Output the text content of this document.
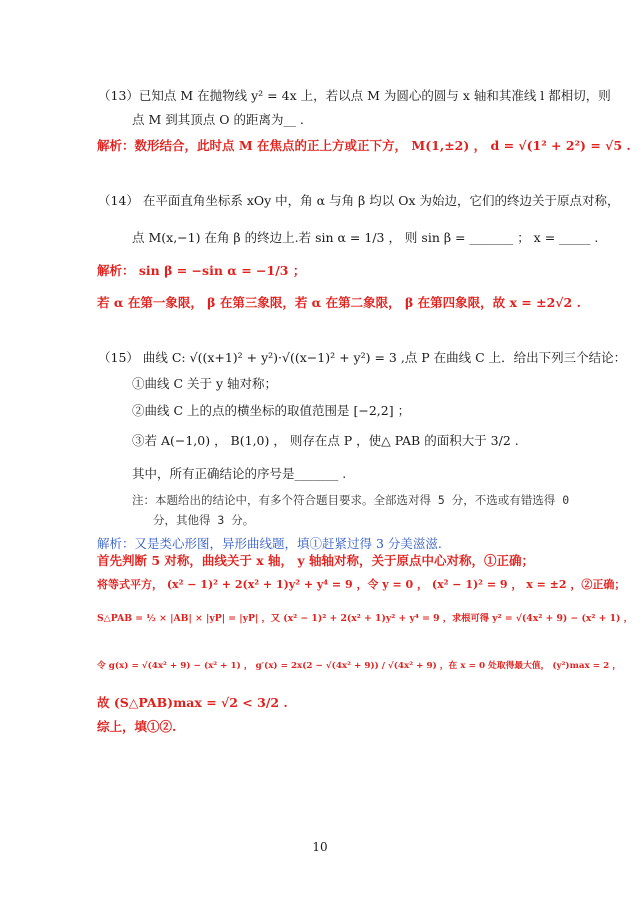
（13）已知点 M 在抛物线 y² = 4x 上，若以点 M 为圆心的圆与 x 轴和其准线 l 都相切，则
点 M 到其顶点 O 的距离为__ .
解析：数形结合，此时点 M 在焦点的正上方或正下方， M(1,±2) ， d = √(1² + 2²) = √5 .
（14） 在平面直角坐标系 xOy 中，角 α 与角 β 均以 Ox 为始边，它们的终边关于原点对称，
点 M(x,−1) 在角 β 的终边上.若 sin α = 1/3 ， 则 sin β = _______ ； x = _____ .
解析： sin β = −sin α = −1/3 ；
若 α 在第一象限， β 在第三象限，若 α 在第二象限， β 在第四象限，故 x = ±2√2 .
（15） 曲线 C: √((x+1)² + y²)·√((x−1)² + y²) = 3 ,点 P 在曲线 C 上．给出下列三个结论：
①曲线 C 关于 y 轴对称；
②曲线 C 上的点的横坐标的取值范围是 [−2,2] ；
③若 A(−1,0) ， B(1,0) ， 则存在点 P ，使△ PAB 的面积大于 3/2 .
其中，所有正确结论的序号是_______ .
注：本题给出的结论中，有多个符合题目要求。全部选对得 5 分，不选或有错选得 0
分，其他得 3 分。
解析：又是类心形图，异形曲线题，填①赶紧过得 3 分美滋滋.
首先判断 5 对称，曲线关于 x 轴， y 轴轴对称，关于原点中心对称，①正确；
将等式平方， (x² − 1)² + 2(x² + 1)y² + y⁴ = 9 ，令 y = 0 ， (x² − 1)² = 9 ， x = ±2 ，②正确；
S△PAB = ½ × |AB| × |yP| = |yP| ，又 (x² − 1)² + 2(x² + 1)y² + y⁴ = 9 ，求根可得 y² = √(4x² + 9) − (x² + 1) ，
令 g(x) = √(4x² + 9) − (x² + 1) ， g′(x) = 2x(2 − √(4x² + 9)) / √(4x² + 9) ，在 x = 0 处取得最大值， (y²)max = 2 ，
故 (S△PAB)max = √2 < 3/2 .
综上，填①②.
10
